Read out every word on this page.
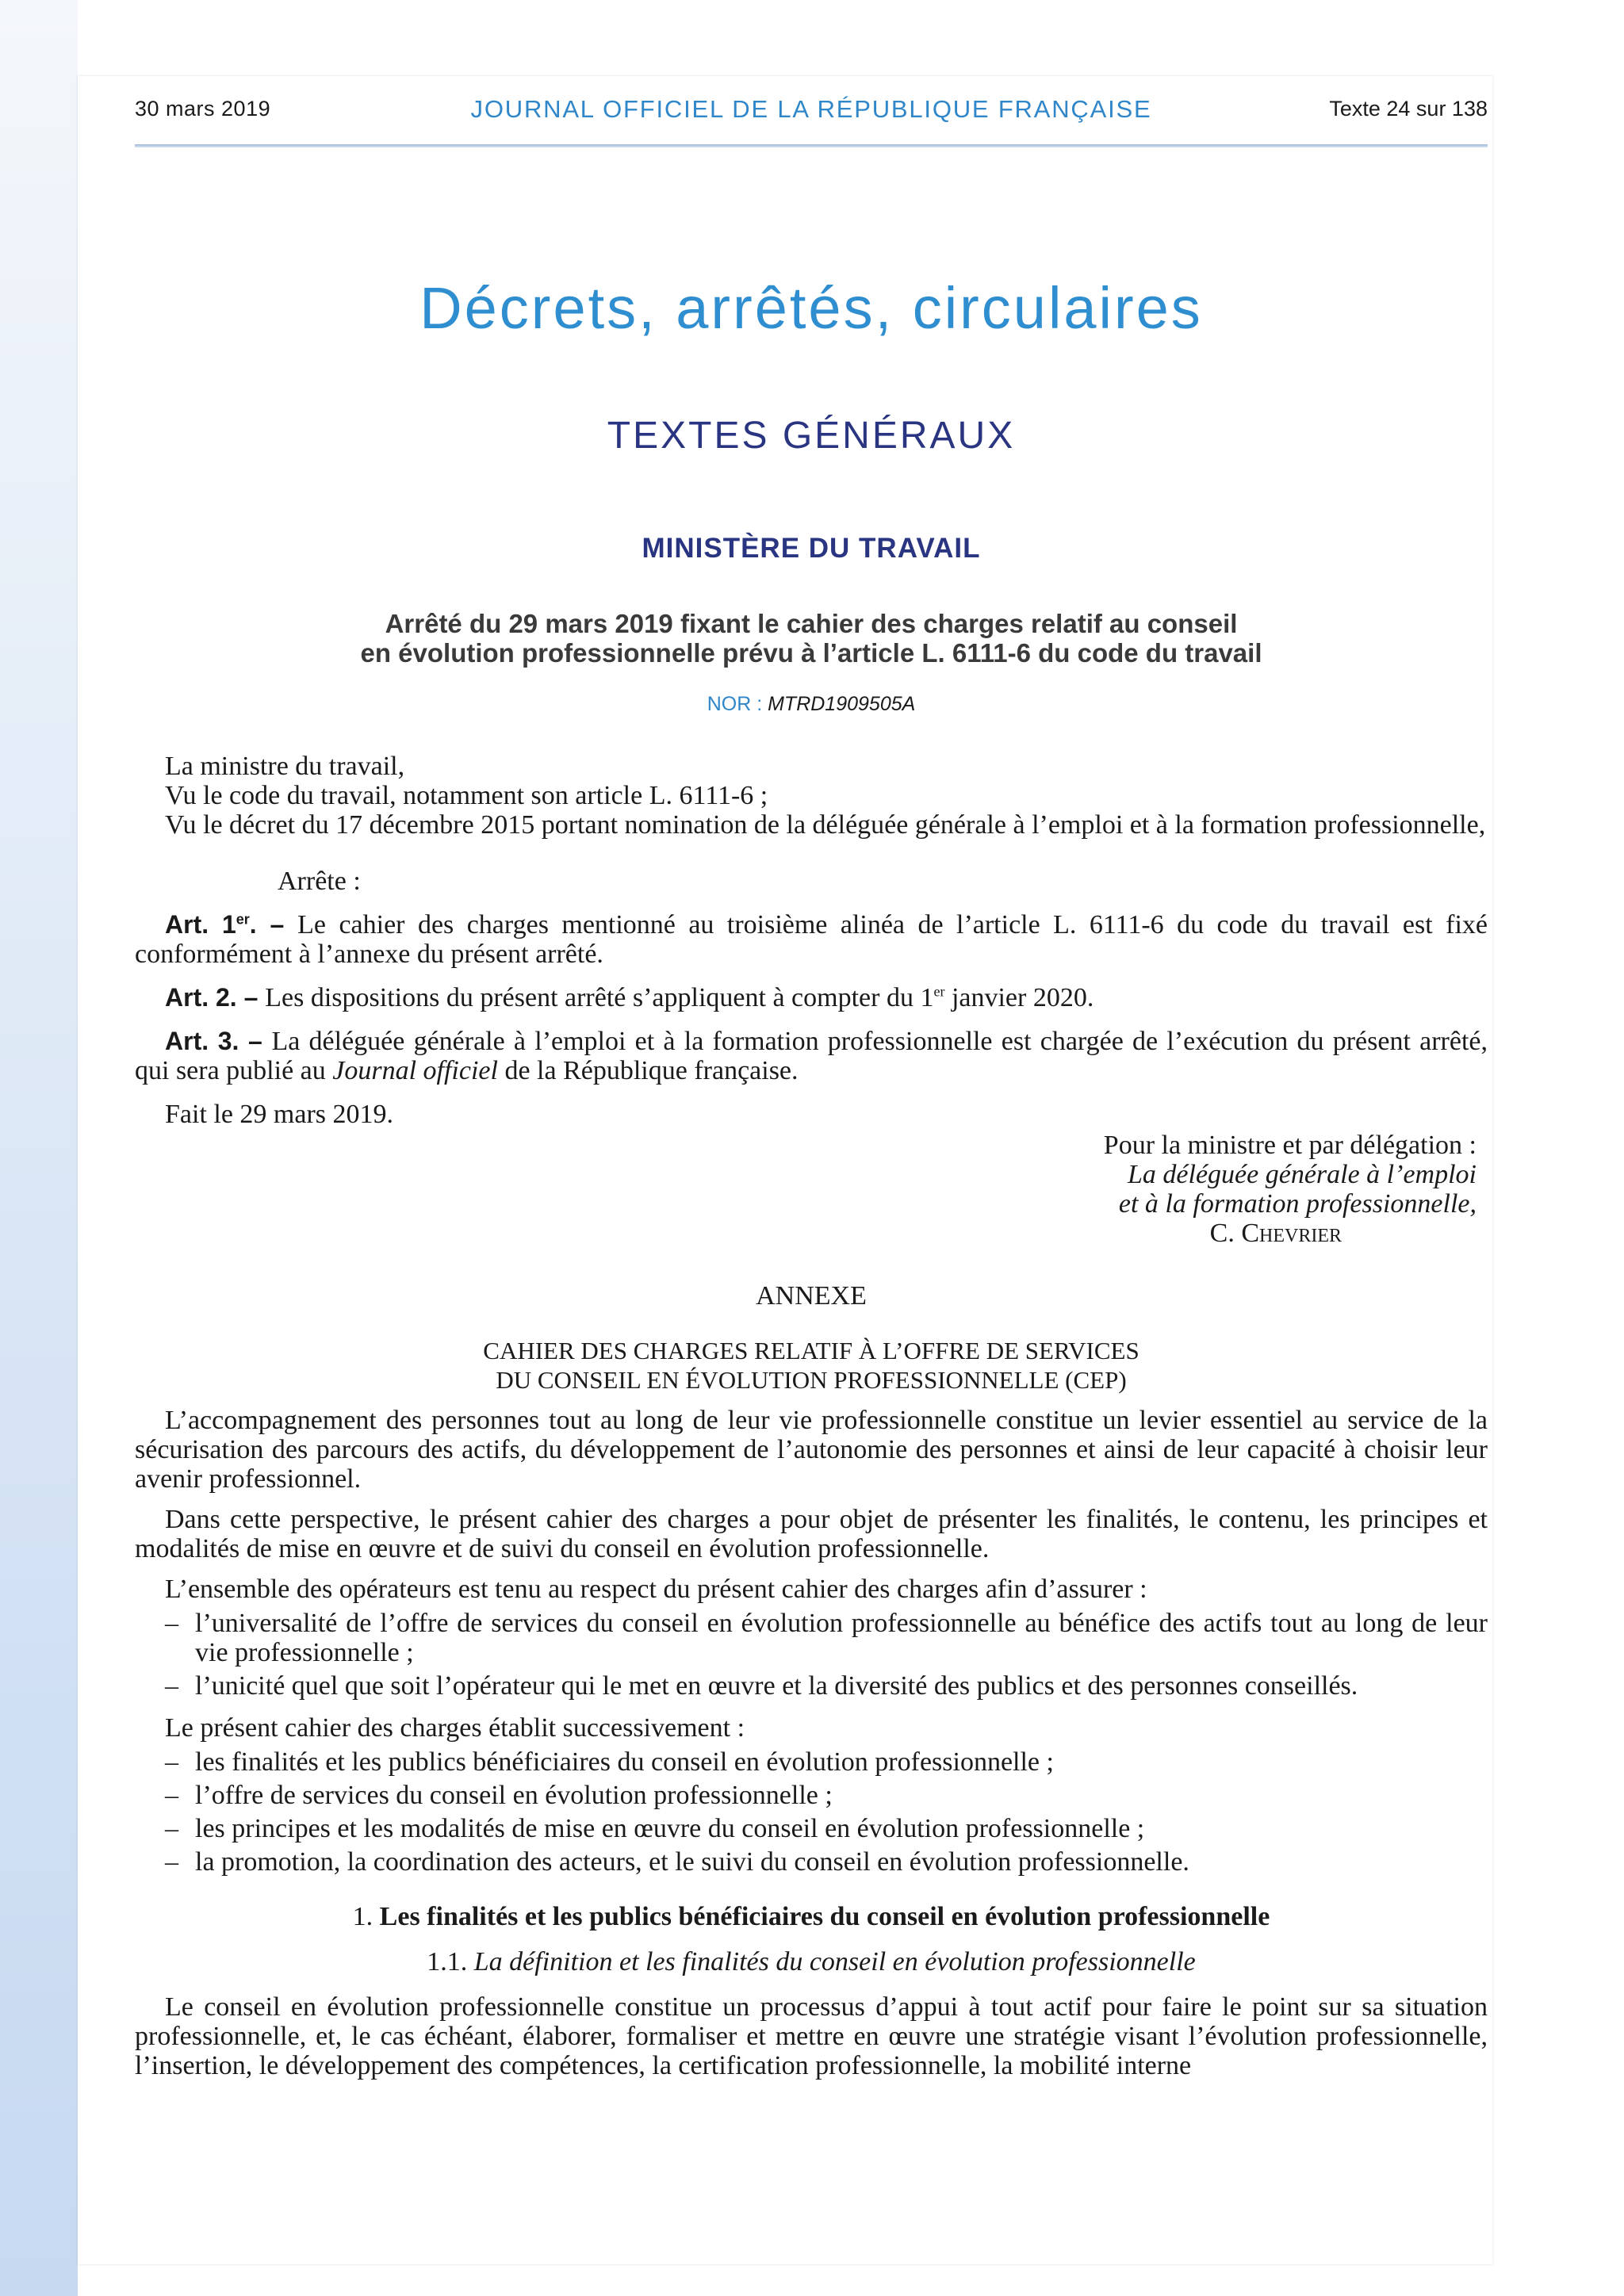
30 mars 2019	JOURNAL OFFICIEL DE LA RÉPUBLIQUE FRANÇAISE	Texte 24 sur 138
Décrets, arrêtés, circulaires
TEXTES GÉNÉRAUX
MINISTÈRE DU TRAVAIL
Arrêté du 29 mars 2019 fixant le cahier des charges relatif au conseil
en évolution professionnelle prévu à l’article L. 6111-6 du code du travail
NOR : MTRD1909505A

La ministre du travail,

Vu le code du travail, notamment son article L. 6111-6 ;

Vu le décret du 17 décembre 2015 portant nomination de la déléguée générale à l’emploi et à la formation professionnelle,

Arrête :

Art. 1er. – Le cahier des charges mentionné au troisième alinéa de l’article L. 6111-6 du code du travail est fixé conformément à l’annexe du présent arrêté.

Art. 2. – Les dispositions du présent arrêté s’appliquent à compter du 1er janvier 2020.

Art. 3. – La déléguée générale à l’emploi et à la formation professionnelle est chargée de l’exécution du présent arrêté, qui sera publié au Journal officiel de la République française.

Fait le 29 mars 2019.

Pour la ministre et par délégation :
La déléguée générale à l’emploi
et à la formation professionnelle,
C. Chevrier
ANNEXE
CAHIER DES CHARGES RELATIF À L’OFFRE DE SERVICES
DU CONSEIL EN ÉVOLUTION PROFESSIONNELLE (CEP)

L’accompagnement des personnes tout au long de leur vie professionnelle constitue un levier essentiel au service de la sécurisation des parcours des actifs, du développement de l’autonomie des personnes et ainsi de leur capacité à choisir leur avenir professionnel.

Dans cette perspective, le présent cahier des charges a pour objet de présenter les finalités, le contenu, les principes et modalités de mise en œuvre et de suivi du conseil en évolution professionnelle.

L’ensemble des opérateurs est tenu au respect du présent cahier des charges afin d’assurer :

– l’universalité de l’offre de services du conseil en évolution professionnelle au bénéfice des actifs tout au long de leur vie professionnelle ;
– l’unicité quel que soit l’opérateur qui le met en œuvre et la diversité des publics et des personnes conseillés.

Le présent cahier des charges établit successivement :

– les finalités et les publics bénéficiaires du conseil en évolution professionnelle ;
– l’offre de services du conseil en évolution professionnelle ;
– les principes et les modalités de mise en œuvre du conseil en évolution professionnelle ;
– la promotion, la coordination des acteurs, et le suivi du conseil en évolution professionnelle.
1. Les finalités et les publics bénéficiaires du conseil en évolution professionnelle
1.1. La définition et les finalités du conseil en évolution professionnelle

Le conseil en évolution professionnelle constitue un processus d’appui à tout actif pour faire le point sur sa situation professionnelle, et, le cas échéant, élaborer, formaliser et mettre en œuvre une stratégie visant l’évolution professionnelle, l’insertion, le développement des compétences, la certification professionnelle, la mobilité interne
